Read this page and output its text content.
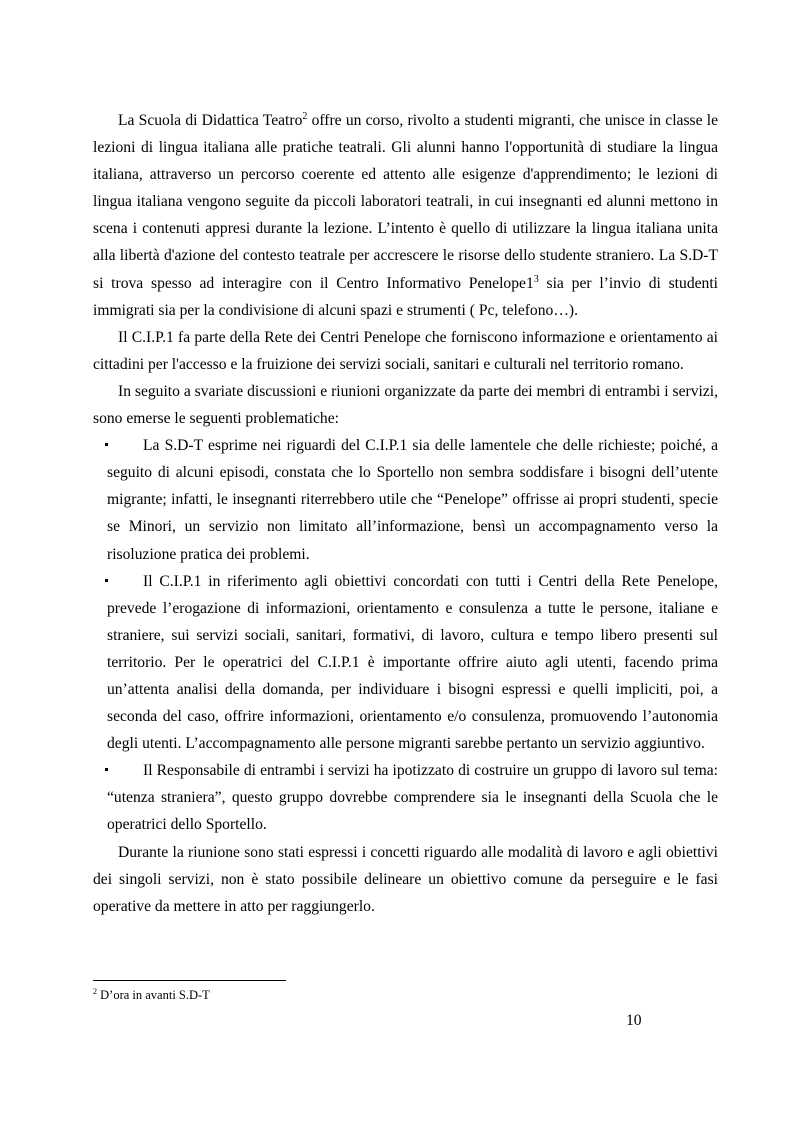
La Scuola di Didattica Teatro$^2$ offre un corso, rivolto a studenti migranti, che unisce in classe le lezioni di lingua italiana alle pratiche teatrali. Gli alunni hanno l'opportunità di studiare la lingua italiana, attraverso un percorso coerente ed attento alle esigenze d'apprendimento; le lezioni di lingua italiana vengono seguite da piccoli laboratori teatrali, in cui insegnanti ed alunni mettono in scena i contenuti appresi durante la lezione. L’intento è quello di utilizzare la lingua italiana unita alla libertà d'azione del contesto teatrale per accrescere le risorse dello studente straniero. La S.D-T si trova spesso ad interagire con il Centro Informativo $Penelope1^3$ sia per l’invio di studenti immigrati sia per la condivisione di alcuni spazi e strumenti ( Pc, telefono…).

Il C.I.P.1 fa parte della Rete dei Centri Penelope che forniscono informazione e orientamento ai cittadini per l'accesso e la fruizione dei servizi sociali, sanitari e culturali nel territorio romano.

In seguito a svariate discussioni e riunioni organizzate da parte dei membri di entrambi i servizi, sono emerse le seguenti problematiche:

La S.D-T esprime nei riguardi del C.I.P.1 sia delle lamentele che delle richieste; poiché, a seguito di alcuni episodi, constata che lo Sportello non sembra soddisfare i bisogni dell’utente migrante; infatti, le insegnanti riterrebbero utile che “Penelope” offrisse ai propri studenti, specie se Minori, un servizio non limitato all’informazione, bensì un accompagnamento verso la risoluzione pratica dei problemi.
Il C.I.P.1 in riferimento agli obiettivi concordati con tutti i Centri della Rete Penelope, prevede l’erogazione di informazioni, orientamento e consulenza a tutte le persone, italiane e straniere, sui servizi sociali, sanitari, formativi, di lavoro, cultura e tempo libero presenti sul territorio. Per le operatrici del C.I.P.1 è importante offrire aiuto agli utenti, facendo prima un’attenta analisi della domanda, per individuare i bisogni espressi e quelli impliciti, poi, a seconda del caso, offrire informazioni, orientamento e/o consulenza, promuovendo l’autonomia degli utenti. L’accompagnamento alle persone migranti sarebbe pertanto un servizio aggiuntivo.
Il Responsabile di entrambi i servizi ha ipotizzato di costruire un gruppo di lavoro sul tema: “utenza straniera”, questo gruppo dovrebbe comprendere sia le insegnanti della Scuola che le operatrici dello Sportello.

Durante la riunione sono stati espressi i concetti riguardo alle modalità di lavoro e agli obiettivi dei singoli servizi, non è stato possibile delineare un obiettivo comune da perseguire e le fasi operative da mettere in atto per raggiungerlo.

$^2$ D’ora in avanti S.D-T
10
